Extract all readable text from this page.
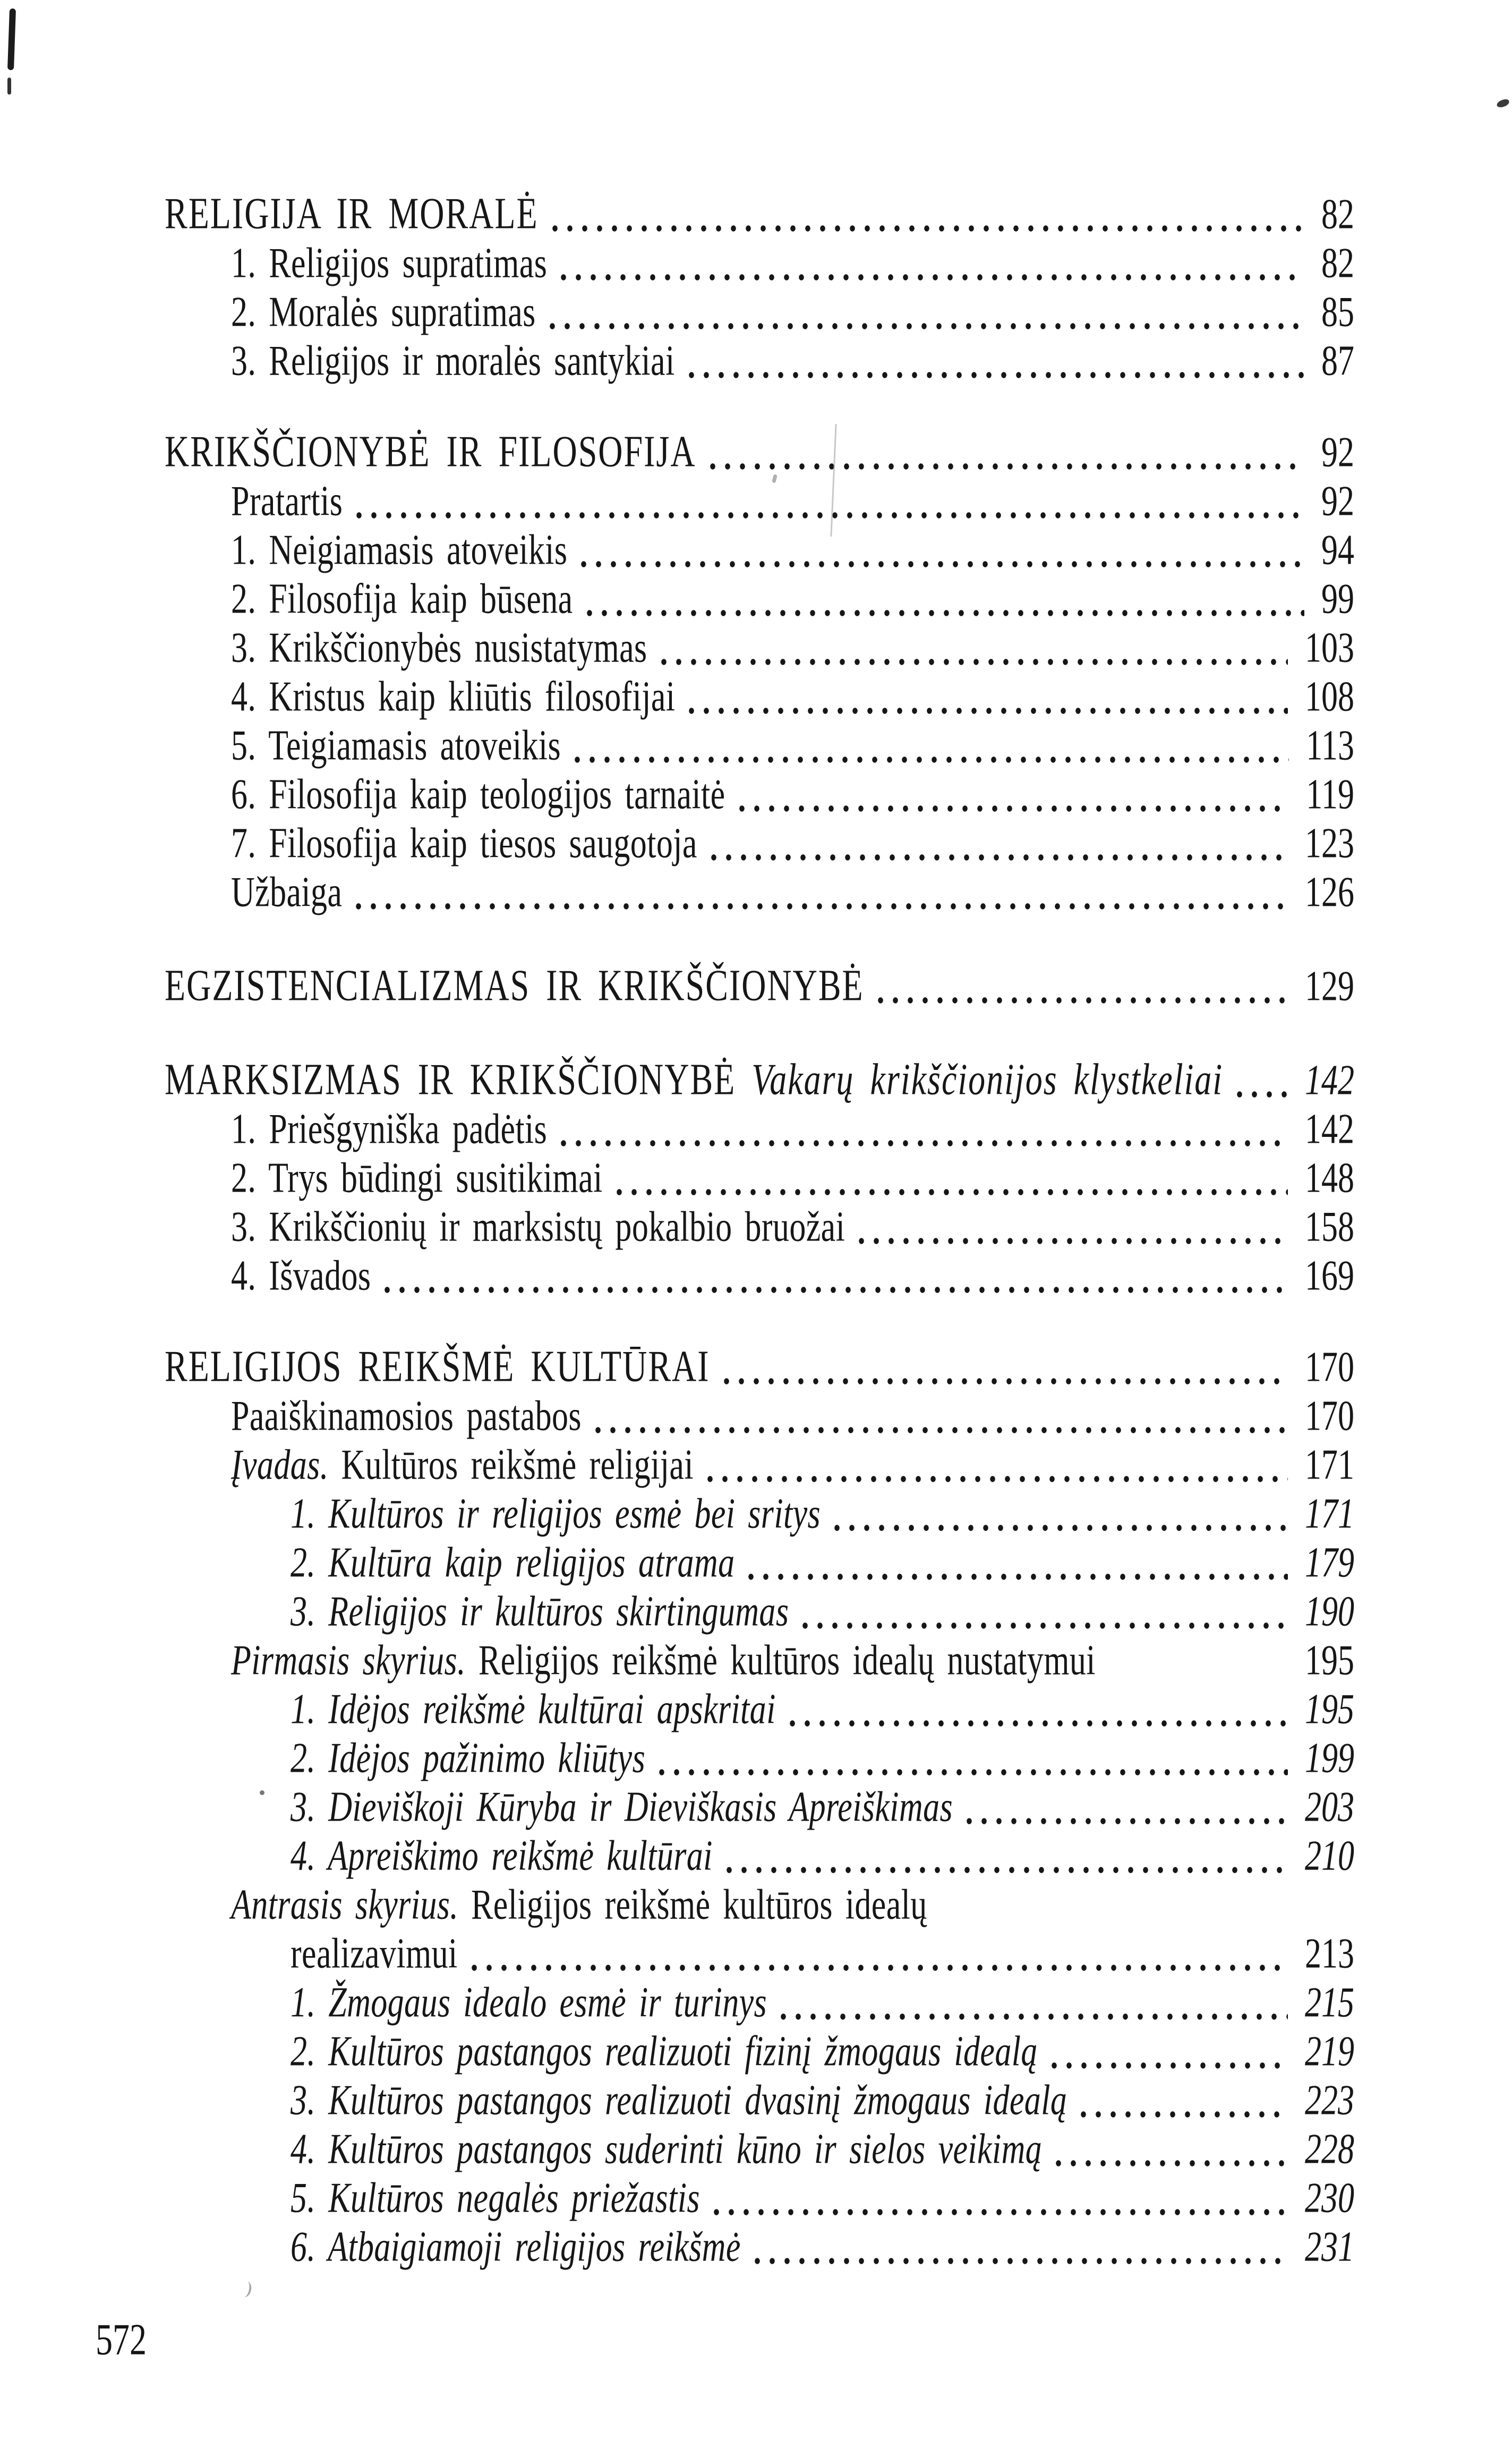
RELIGIJA IR MORALĖ	82
1. Religijos supratimas	82
2. Moralės supratimas	85
3. Religijos ir moralės santykiai	87
KRIKŠČIONYBĖ IR FILOSOFIJA	92
Pratartis	92
1. Neigiamasis atoveikis	94
2. Filosofija kaip būsena	99
3. Krikščionybės nusistatymas	103
4. Kristus kaip kliūtis filosofijai	108
5. Teigiamasis atoveikis	113
6. Filosofija kaip teologijos tarnaitė	119
7. Filosofija kaip tiesos saugotoja	123
Užbaiga	126
EGZISTENCIALIZMAS IR KRIKŠČIONYBĖ	129
MARKSIZMAS IR KRIKŠČIONYBĖ Vakarų krikščionijos klystkeliai 142
1. Priešgyniška padėtis	142
2. Trys būdingi susitikimai	148
3. Krikščionių ir marksistų pokalbio bruožai	158
4. Išvados	169
RELIGIJOS REIKŠMĖ KULTŪRAI	170
Paaiškinamosios pastabos	170
Įvadas. Kultūros reikšmė religijai	171
1. Kultūros ir religijos esmė bei sritys	171
2. Kultūra kaip religijos atrama	179
3. Religijos ir kultūros skirtingumas	190
Pirmasis skyrius. Religijos reikšmė kultūros idealų nustatymui	195
1. Idėjos reikšmė kultūrai apskritai	195
2. Idėjos pažinimo kliūtys	199
3. Dieviškoji Kūryba ir Dieviškasis Apreiškimas	203
4. Apreiškimo reikšmė kultūrai	210
Antrasis skyrius. Religijos reikšmė kultūros idealų
realizavimui	213
1. Žmogaus idealo esmė ir turinys	215
2. Kultūros pastangos realizuoti fizinį žmogaus idealą	219
3. Kultūros pastangos realizuoti dvasinį žmogaus idealą	223
4. Kultūros pastangos suderinti kūno ir sielos veikimą	228
5. Kultūros negalės priežastis	230
6. Atbaigiamoji religijos reikšmė	231
572
